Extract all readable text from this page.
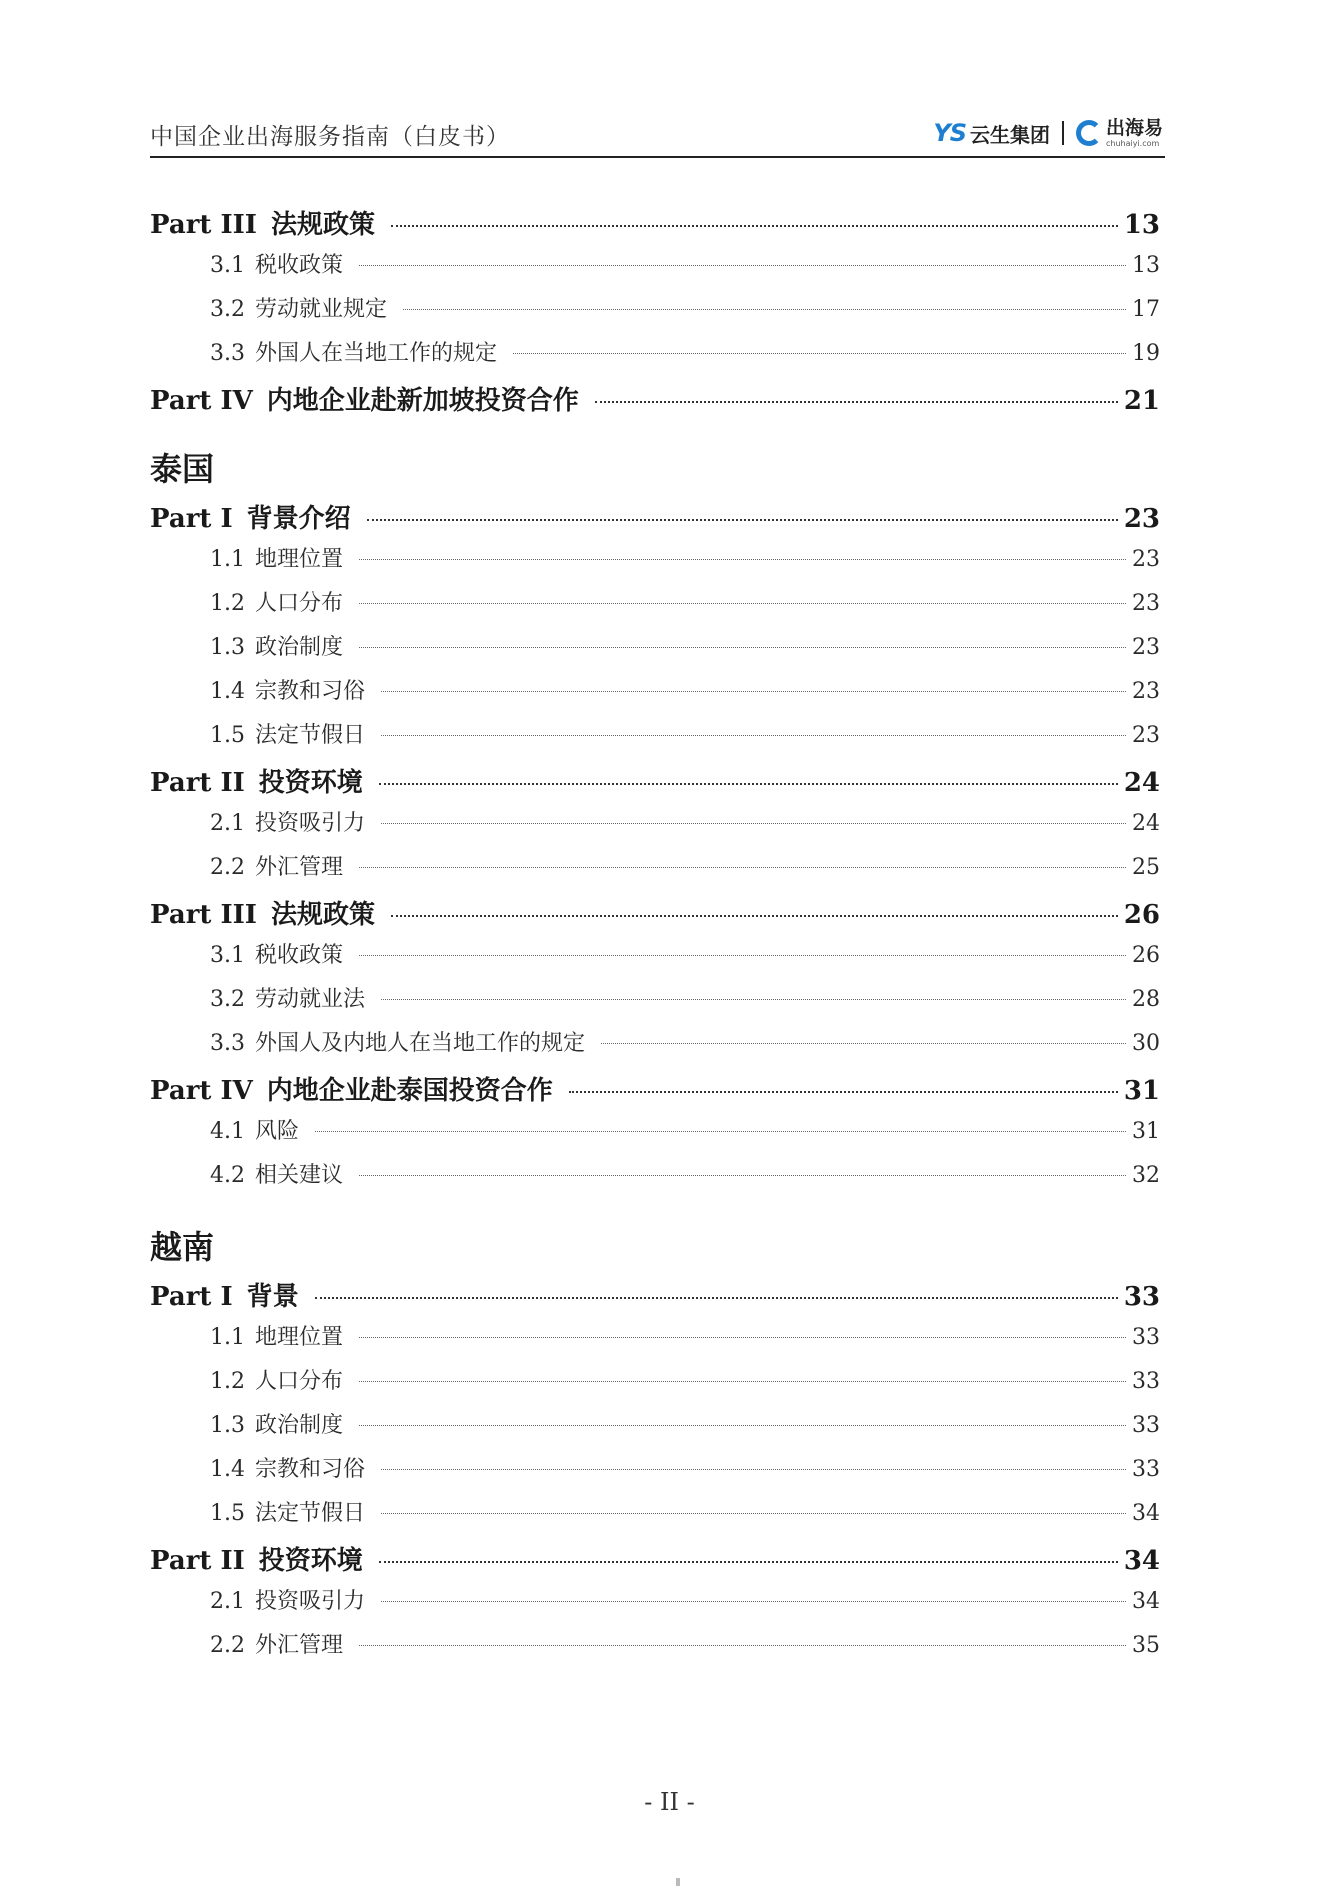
中国企业出海服务指南（白皮书）	YS 云生集团	出海易
chuhaiyi.com
Part III 法规政策	13
3.1 税收政策	13
3.2 劳动就业规定	17
3.3 外国人在当地工作的规定	19
Part IV 内地企业赴新加坡投资合作	21
泰国
Part I 背景介绍	23
1.1 地理位置	23
1.2 人口分布	23
1.3 政治制度	23
1.4 宗教和习俗	23
1.5 法定节假日	23
Part II 投资环境	24
2.1 投资吸引力	24
2.2 外汇管理	25
Part III 法规政策	26
3.1 税收政策	26
3.2 劳动就业法	28
3.3 外国人及内地人在当地工作的规定	30
Part IV 内地企业赴泰国投资合作	31
4.1 风险	31
4.2 相关建议	32
越南
Part I 背景	33
1.1 地理位置	33
1.2 人口分布	33
1.3 政治制度	33
1.4 宗教和习俗	33
1.5 法定节假日	34
Part II 投资环境	34
2.1 投资吸引力	34
2.2 外汇管理	35
- II -
